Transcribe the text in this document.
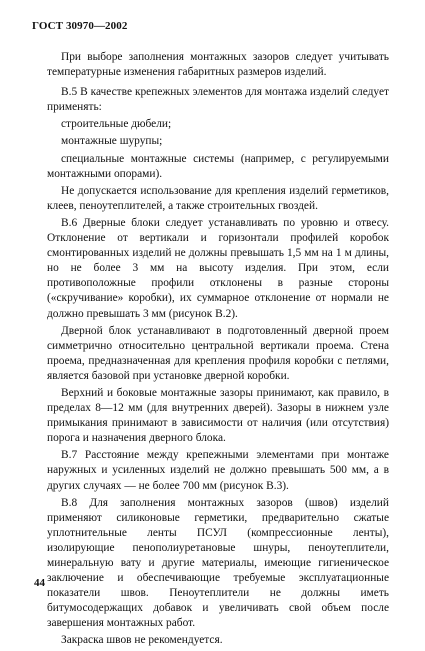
ГОСТ 30970—2002

При выборе заполнения монтажных зазоров следует учитывать температурные изменения габаритных размеров изделий.

В.5 В качестве крепежных элементов для монтажа изделий следует применять:

строительные дюбели;

монтажные шурупы;

специальные монтажные системы (например, с регулируемыми монтажными опорами).

Не допускается использование для крепления изделий герметиков, клеев, пеноутеплителей, а также строительных гвоздей.

В.6 Дверные блоки следует устанавливать по уровню и отвесу. Отклонение от вертикали и горизонтали профилей коробок смонтированных изделий не должны превышать 1,5 мм на 1 м длины, но не более 3 мм на высоту изделия. При этом, если противоположные профили отклонены в разные стороны («скручивание» коробки), их суммарное отклонение от нормали не должно превышать 3 мм (рисунок В.2).

Дверной блок устанавливают в подготовленный дверной проем симметрично относительно центральной вертикали проема. Стена проема, предназначенная для крепления профиля коробки с петлями, является базовой при установке дверной коробки.

Верхний и боковые монтажные зазоры принимают, как правило, в пределах 8—12 мм (для внутренних дверей). Зазоры в нижнем узле примыкания принимают в зависимости от наличия (или отсутствия) порога и назначения дверного блока.

В.7 Расстояние между крепежными элементами при монтаже наружных и усиленных изделий не должно превышать 500 мм, а в других случаях — не более 700 мм (рисунок В.3).

В.8 Для заполнения монтажных зазоров (швов) изделий применяют силиконовые герметики, предварительно сжатые уплотнительные ленты ПСУЛ (компрессионные ленты), изолирующие пенополиуретановые шнуры, пеноутеплители, минеральную вату и другие материалы, имеющие гигиеническое заключение и обеспечивающие требуемые эксплуатационные показатели швов. Пеноутеплители не должны иметь битумосодержащих добавок и увеличивать свой объем после завершения монтажных работ.

Закраска швов не рекомендуется.

44
